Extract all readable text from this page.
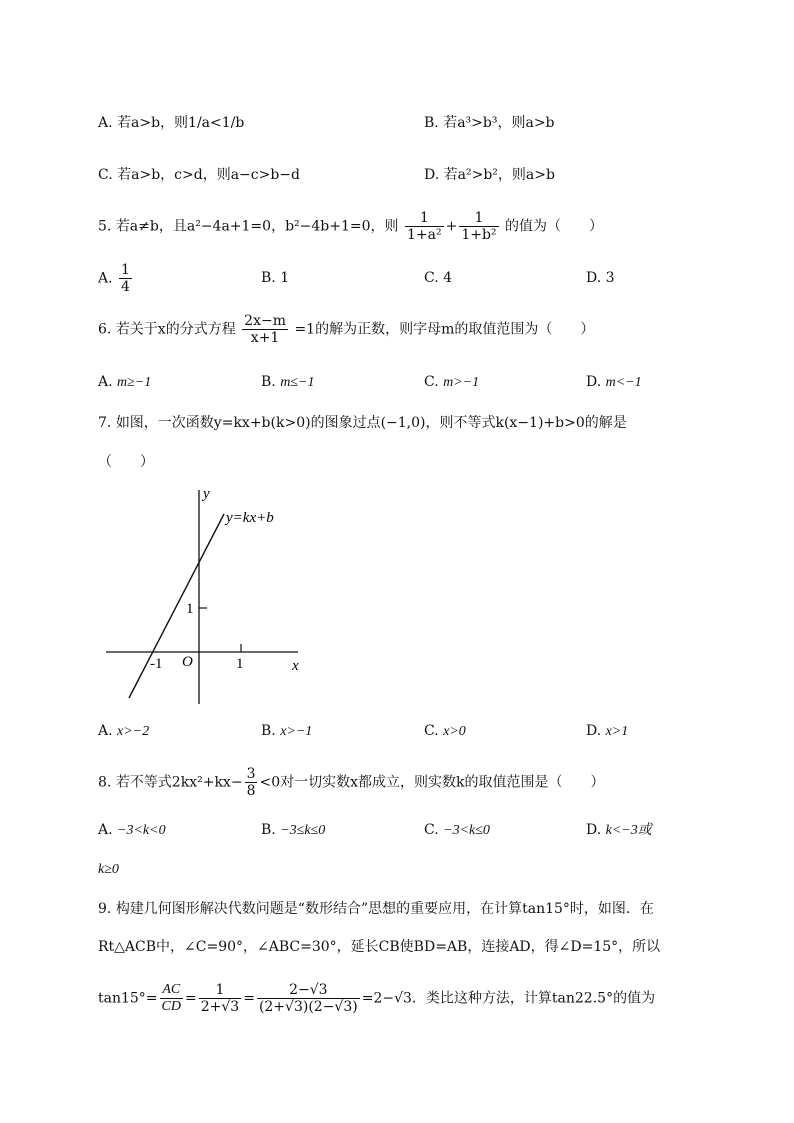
A. 若a>b，则1/a<1/b	B. 若a³>b³，则a>b
C. 若a>b，c>d，则a−c>b−d	D. 若a²>b²，则a>b
5. 若a≠b，且a²−4a+1=0，b²−4b+1=0，则 $\frac{1}{\text{1+a²}} + \frac{1}{\text{1+b²}}$ 的值为（　　）
A. $\frac{1}{4}$	B. 1	C. 4	D. 3
6. 若关于x的分式方程 $\frac{2x-m}{x+1} =1$的解为正数，则字母m的取值范围为（　　）
A. m≥−1	B. m≤−1	C. m>−1	D. m<−1
7. 如图，一次函数y=kx+b(k>0)的图象过点(−1,0)，则不等式k(x−1)+b>0的解是
（　　）
y
x
O
y=kx+b
-1	1
1
A. x>−2	B. x>−1	C. x>0	D. x>1
8. 若不等式$2kx^2+kx- \frac{3}{8} <0$对一切实数x都成立，则实数k的取值范围是（　　）
A. −3<k<0	B. −3≤k≤0	C. −3<k≤0	D. k<−3或
k≥0
9. 构建几何图形解决代数问题是“数形结合”思想的重要应用，在计算tan15°时，如图．在
Rt△ACB中，∠C=90°，∠ABC=30°，延长CB使BD=AB，连接AD，得∠D=15°，所以
$\tan 15^\circ= \frac{AC}{CD} = \frac{1}{2+√3} = \frac{2-√3}{(2+√3)(2-√3)} =2-√3$．类比这种方法，计算tan22.5°的值为
